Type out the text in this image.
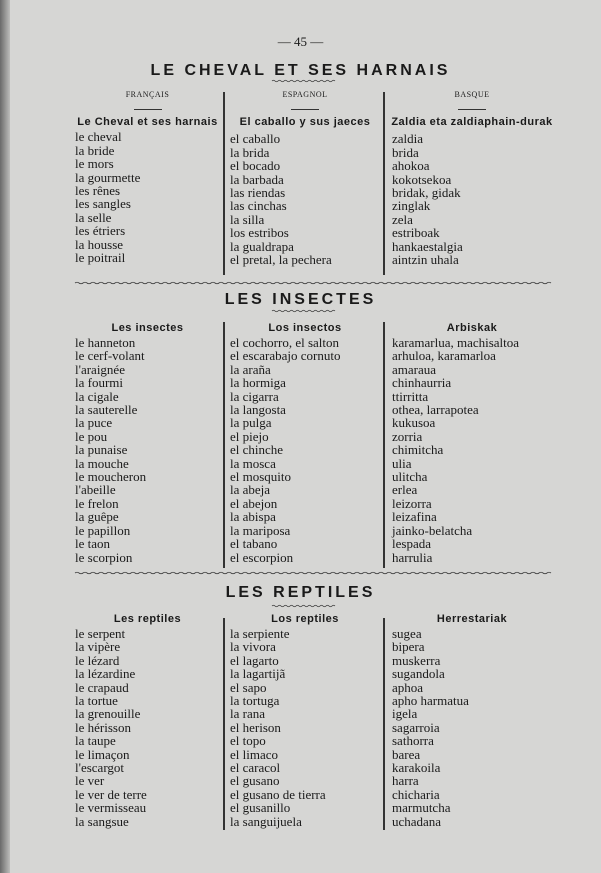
— 45 —
LE CHEVAL ET SES HARNAIS
FRANÇAIS
Le Cheval et ses harnais
le cheval
la bride
le mors
la gourmette
les rênes
les sangles
la selle
les étriers
la housse
le poitrail
ESPAGNOL
El caballo y sus jaeces
el caballo
la brida
el bocado
la barbada
las riendas
las cinchas
la silla
los estribos
la gualdrapa
el pretal, la pechera
BASQUE
Zaldia eta zaldiaphain-durak
zaldia
brida
ahokoa
kokotsekoa
bridak, gidak
zinglak
zela
estriboak
hankaestalgia
aintzin uhala
LES INSECTES
Les insectes
le hanneton
le cerf-volant
l'araignée
la fourmi
la cigale
la sauterelle
la puce
le pou
la punaise
la mouche
le moucheron
l'abeille
le frelon
la guêpe
le papillon
le taon
le scorpion
Los insectos
el cochorro, el salton
el escarabajo cornuto
la araña
la hormiga
la cigarra
la langosta
la pulga
el piejo
el chinche
la mosca
el mosquito
la abeja
el abejon
la abispa
la mariposa
el tabano
el escorpion
Arbiskak
karamarlua, machisaltoa
arhuloa, karamarloa
amaraua
chinhaurria
ttirritta
othea, larrapotea
kukusoa
zorria
chimitcha
ulia
ulitcha
erlea
leizorra
leizafina
jainko-belatcha
lespada
harrulia
LES REPTILES
Les reptiles
le serpent
la vipère
le lézard
la lézardine
le crapaud
la tortue
la grenouille
le hérisson
la taupe
le limaçon
l'escargot
le ver
le ver de terre
le vermisseau
la sangsue
Los reptiles
la serpiente
la vivora
el lagarto
la lagartijã
el sapo
la tortuga
la rana
el herison
el topo
el limaco
el caracol
el gusano
el gusano de tierra
el gusanillo
la sanguijuela
Herrestariak
sugea
bipera
muskerra
sugandola
aphoa
apho harmatua
igela
sagarroia
sathorra
barea
karakoila
harra
chicharia
marmutcha
uchadana
